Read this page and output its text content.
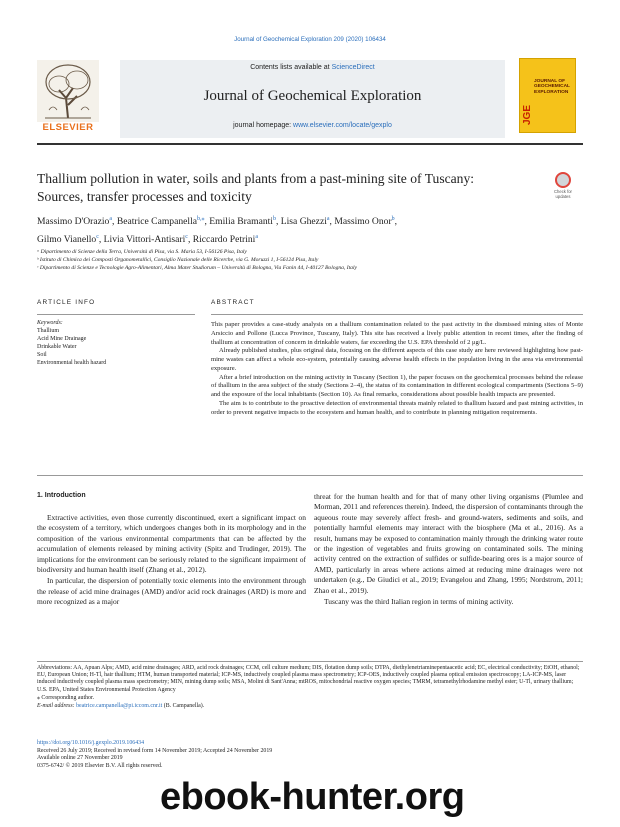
Journal of Geochemical Exploration 209 (2020) 106434
ELSEVIER
Contents lists available at ScienceDirect
Journal of Geochemical Exploration
journal homepage: www.elsevier.com/locate/gexplo
JGE
JOURNAL OF GEOCHEMICAL EXPLORATION
Thallium pollution in water, soils and plants from a past-mining site of Tuscany: Sources, transfer processes and toxicity	Check for updates
Massimo D'Orazio$^a$, Beatrice Campanella$^{b,⁎}$, Emilia Bramanti$^b$, Lisa Ghezzi$^a$, Massimo Onor$^b$,
Gilmo Vianello$^c$, Livia Vittori-Antisari$^c$, Riccardo Petrini$^a$
ᵃ Dipartimento di Scienze della Terra, Università di Pisa, via S. Maria 53, I-56126 Pisa, Italy
ᵇ Istituto di Chimica dei Composti Organometallici, Consiglio Nazionale delle Ricerche, via G. Moruzzi 1, I-56124 Pisa, Italy
ᶜ Dipartimento di Scienze e Tecnologie Agro-Alimentari, Alma Mater Studiorum – Università di Bologna, Via Fanin 44, I-40127 Bologna, Italy
ARTICLE INFO	ABSTRACT
Keywords:
Thallium
Acid Mine Drainage
Drinkable Water
Soil
Environmental health hazard

This paper provides a case-study analysis on a thallium contamination related to the past activity in the dismissed mining sites of Monte Arsiccio and Pollone (Lucca Province, Tuscany, Italy). This site has received a lively public attention in recent times, after the finding of thallium at concentration of concern in drinkable waters, far exceeding the U.S. EPA threshold of 2 μg/L.

Already published studies, plus original data, focusing on the different aspects of this case study are here reviewed highlighting how past-mine wastes can affect a whole eco-system, potentially causing adverse health effects in the population living in the area via environmental exposure.

After a brief introduction on the mining activity in Tuscany (Section 1), the paper focuses on the geochemical processes behind the release of thallium in the area subject of the study (Sections 2–4), the status of its contamination in different ecological compartments (Sections 5–9) and the exposure of the local inhabitants (Section 10). As final remarks, considerations about possible health impacts are presented.

The aim is to contribute to the proactive detection of environmental threats mainly related to thallium hazard and past mining activities, in order to prevent negative impacts to the ecosystem and human health, and to contribute in planning mitigation requirements.

1. Introduction

Extractive activities, even those currently discontinued, exert a significant impact on the ecosystem of a territory, which undergoes changes both in its morphology and in the composition of the various environmental compartments that can be affected by the accumulation of elements released by mining activity (Spitz and Trudinger, 2019). The implications for the environment can be seriously related to the significant impairment of biodiversity and human health itself (Zhang et al., 2012).

In particular, the dispersion of potentially toxic elements into the environment through the release of acid mine drainages (AMD) and/or acid rock drainages (ARD) is more and more recognized as a major

threat for the human health and for that of many other living organisms (Plumlee and Morman, 2011 and references therein). Indeed, the dispersion of contaminants through the aqueous route may severely affect fresh- and ground-waters, sediments and soils, and potentially harmful elements may interact with the biosphere (Ma et al., 2016). As a result, humans may be exposed to contamination mainly through the drinking water route or the ingestion of vegetables and fruits growing on contaminated soils. The mining activity centred on the extraction of sulfides or sulfide-bearing ores is a major source of AMD, particularly in areas where actions aimed at reducing mine drainages were not undertaken (e.g., De Giudici et al., 2019; Evangelou and Zhang, 1995; Nordstrom, 2011; Zhao et al., 2019).

Tuscany was the third Italian region in terms of mining activity.

Abbreviations: AA, Apuan Alps; AMD, acid mine drainages; ARD, acid rock drainages; CCM, cell culture medium; DIS, flotation dump soils; DTPA, diethylenetriaminepentaacetic acid; EC, electrical conductivity; EtOH, ethanol; EU, European Union; H-Tl, hair thallium; HTM, human transported material; ICP-MS, inductively coupled plasma mass spectrometry; ICP-OES, inductively coupled plasma optical emission spectroscopy; LA-ICP-MS, laser induced inductively coupled plasma mass spectrometry; MIN, mining dump soils; MSA, Molini di Sant'Anna; mtROS, mitochondrial reactive oxygen species; TMRM, tetramethylrhodamine methyl ester; U-Tl, urinary thallium; U.S. EPA, United States Environmental Protection Agency

⁎ Corresponding author.

E-mail address: beatrice.campanella@pi.iccom.cnr.it (B. Campanella).

https://doi.org/10.1016/j.gexplo.2019.106434
Received 26 July 2019; Received in revised form 14 November 2019; Accepted 24 November 2019
Available online 27 November 2019
0375-6742/ © 2019 Elsevier B.V. All rights reserved.
ebook-hunter.org
